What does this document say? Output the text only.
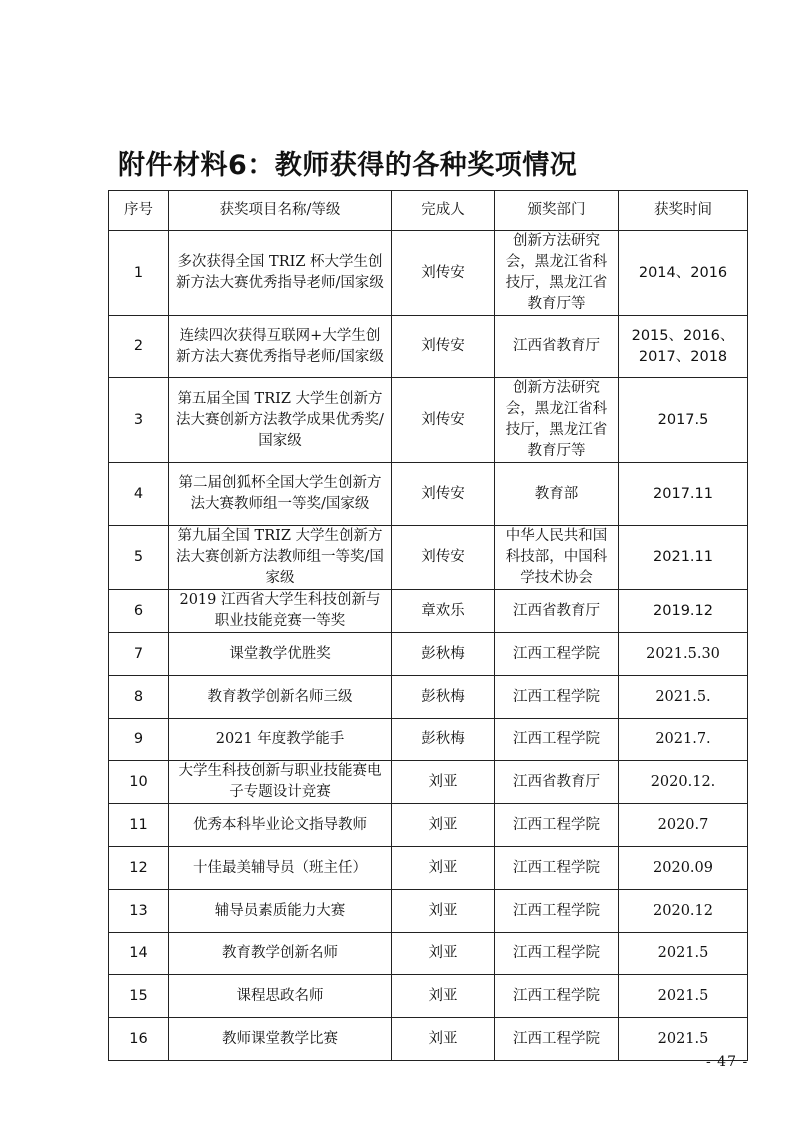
附件材料6：教师获得的各种奖项情况
序号	获奖项目名称/等级	完成人	颁奖部门	获奖时间
1	多次获得全国 TRIZ 杯大学生创新方法大赛优秀指导老师/国家级	刘传安	创新方法研究会，黑龙江省科技厅，黑龙江省教育厅等	2014、2016
2	连续四次获得互联网+大学生创新方法大赛优秀指导老师/国家级	刘传安	江西省教育厅	2015、2016、2017、2018
3	第五届全国 TRIZ 大学生创新方法大赛创新方法教学成果优秀奖/国家级	刘传安	创新方法研究会，黑龙江省科技厅，黑龙江省教育厅等	2017.5
4	第二届创狐杯全国大学生创新方法大赛教师组一等奖/国家级	刘传安	教育部	2017.11
5	第九届全国 TRIZ 大学生创新方法大赛创新方法教师组一等奖/国家级	刘传安	中华人民共和国科技部，中国科学技术协会	2021.11
6	2019 江西省大学生科技创新与职业技能竞赛一等奖	章欢乐	江西省教育厅	2019.12
7	课堂教学优胜奖	彭秋梅	江西工程学院	2021.5.30
8	教育教学创新名师三级	彭秋梅	江西工程学院	2021.5.
9	2021 年度教学能手	彭秋梅	江西工程学院	2021.7.
10	大学生科技创新与职业技能赛电子专题设计竞赛	刘亚	江西省教育厅	2020.12.
11	优秀本科毕业论文指导教师	刘亚	江西工程学院	2020.7
12	十佳最美辅导员（班主任）	刘亚	江西工程学院	2020.09
13	辅导员素质能力大赛	刘亚	江西工程学院	2020.12
14	教育教学创新名师	刘亚	江西工程学院	2021.5
15	课程思政名师	刘亚	江西工程学院	2021.5
16	教师课堂教学比赛	刘亚	江西工程学院	2021.5
- 47 -
